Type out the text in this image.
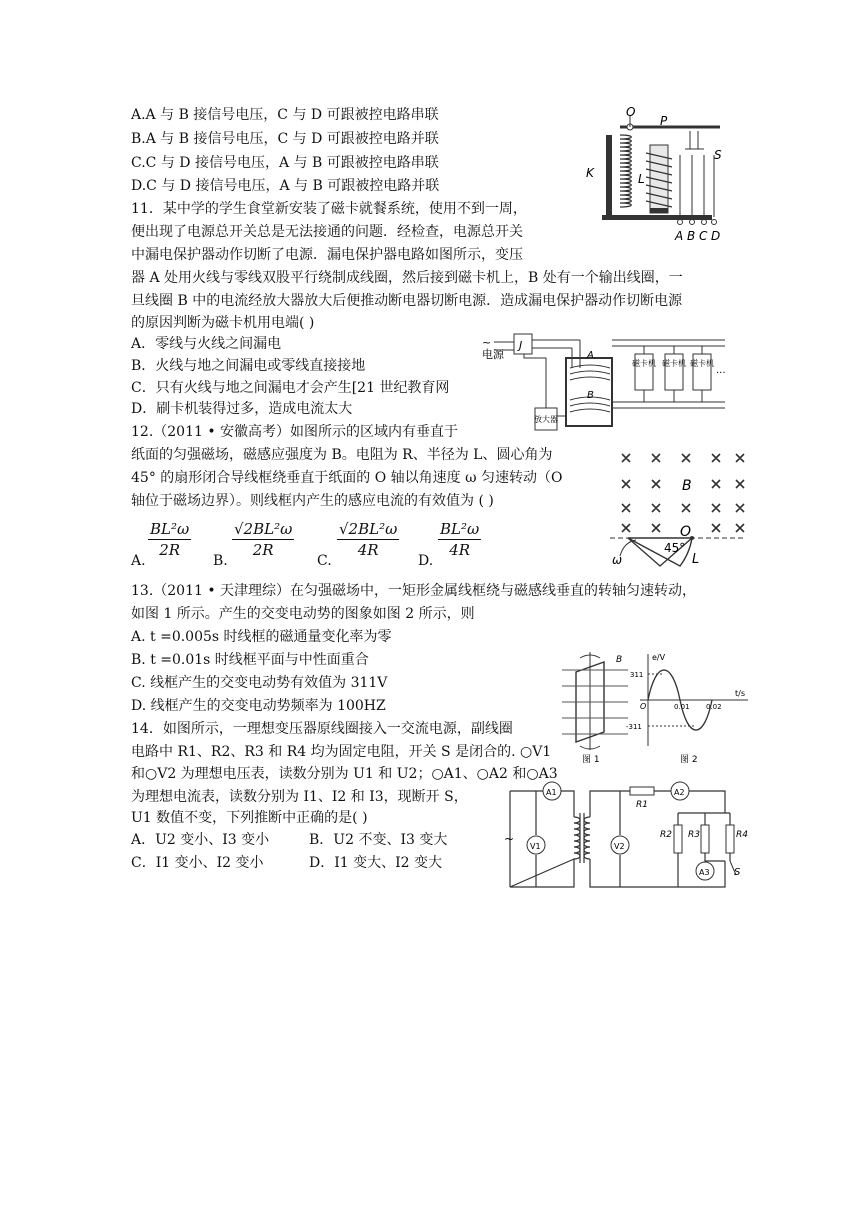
A.A 与 B 接信号电压，C 与 D 可跟被控电路串联
B.A 与 B 接信号电压，C 与 D 可跟被控电路并联
C.C 与 D 接信号电压，A 与 B 可跟被控电路串联
D.C 与 D 接信号电压，A 与 B 可跟被控电路并联
O
P
K	L
S
A B C D
11．某中学的学生食堂新安装了磁卡就餐系统，使用不到一周，
便出现了电源总开关总是无法接通的问题．经检查，电源总开关
中漏电保护器动作切断了电源．漏电保护器电路如图所示，变压
器 A 处用火线与零线双股平行绕制成线圈，然后接到磁卡机上，B 处有一个输出线圈，一
旦线圈 B 中的电流经放大器放大后便推动断电器切断电源．造成漏电保护器动作切断电源
的原因判断为磁卡机用电端( )
A．零线与火线之间漏电
B．火线与地之间漏电或零线直接接地
C．只有火线与地之间漏电才会产生[21 世纪教育网
D．刷卡机装得过多，造成电流太大
~
电源
J
A
B
磁卡机 磁卡机 磁卡机
...
放大器
12.（2011 • 安徽高考）如图所示的区域内有垂直于
纸面的匀强磁场，磁感应强度为 B。电阻为 R、半径为 L、圆心角为
45° 的扇形闭合导线框绕垂直于纸面的 O 轴以角速度 ω 匀速转动（O
轴位于磁场边界）。则线框内产生的感应电流的有效值为 ( )
A.
$\frac{\text{BL²ω}}{2R}$
B.
$\frac{\text{√2BL²ω}}{2R}$
C.
$\frac{\text{√2BL²ω}}{4R}$
D.
$\frac{\text{BL²ω}}{4R}$
B
O
45°
L
ω
13.（2011 • 天津理综）在匀强磁场中，一矩形金属线框绕与磁感线垂直的转轴匀速转动，
如图 1 所示。产生的交变电动势的图象如图 2 所示，则
A. t =0.005s 时线框的磁通量变化率为零
B. t =0.01s 时线框平面与中性面重合
C. 线框产生的交变电动势有效值为 311V
D. 线框产生的交变电动势频率为 100HZ
B
图 1
e/V
t/s
311
-311
O	0.01 0.02
图 2
14．如图所示，一理想变压器原线圈接入一交流电源，副线圈
电路中 R1、R2、R3 和 R4 均为固定电阻，开关 S 是闭合的. ○V1
和○V2 为理想电压表，读数分别为 U1 和 U2；○A1、○A2 和○A3
为理想电流表，读数分别为 I1、I2 和 I3，现断开 S，
U1 数值不变，下列推断中正确的是( )
A．U2 变小、I3 变小	B．U2 不变、I3 变大
C．I1 变小、I2 变小	D．I1 变大、I2 变大
~
A1
V1	V2
R1
A2
R2 R3	R4
A3 S
